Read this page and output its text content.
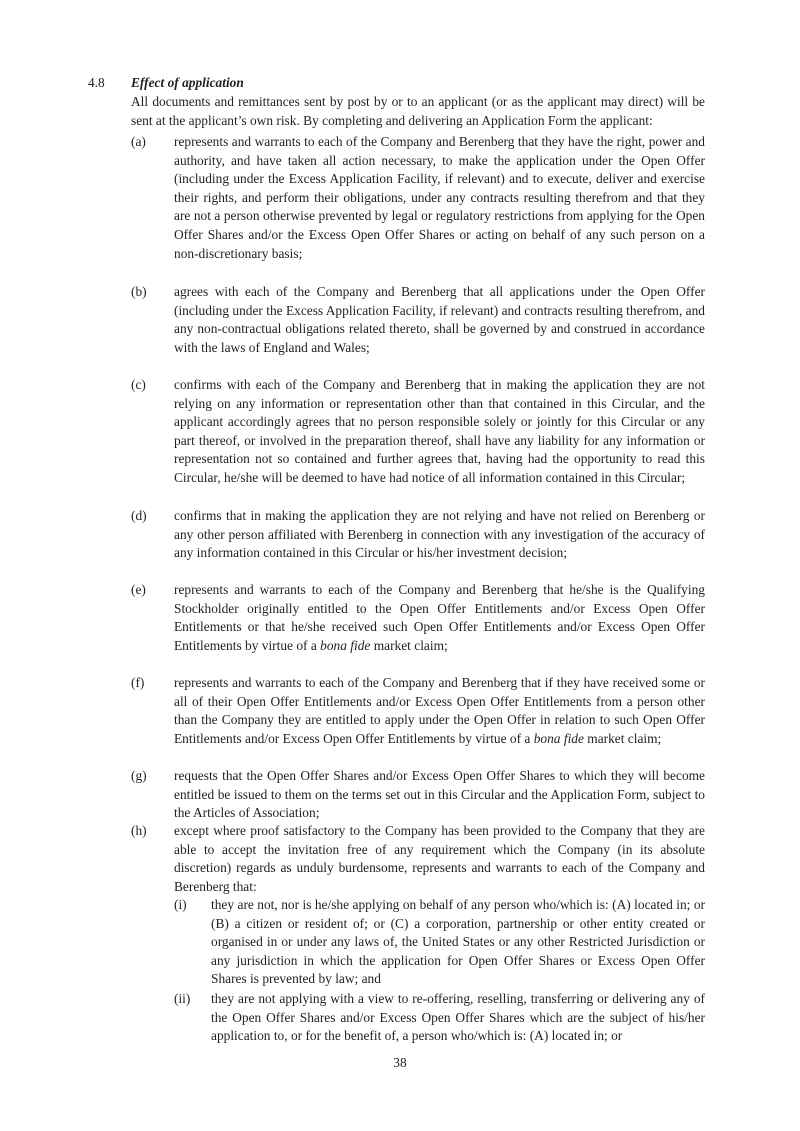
4.8 Effect of application
All documents and remittances sent by post by or to an applicant (or as the applicant may direct) will be sent at the applicant’s own risk. By completing and delivering an Application Form the applicant:
(a) represents and warrants to each of the Company and Berenberg that they have the right, power and authority, and have taken all action necessary, to make the application under the Open Offer (including under the Excess Application Facility, if relevant) and to execute, deliver and exercise their rights, and perform their obligations, under any contracts resulting therefrom and that they are not a person otherwise prevented by legal or regulatory restrictions from applying for the Open Offer Shares and/or the Excess Open Offer Shares or acting on behalf of any such person on a non-discretionary basis;
(b) agrees with each of the Company and Berenberg that all applications under the Open Offer (including under the Excess Application Facility, if relevant) and contracts resulting therefrom, and any non-contractual obligations related thereto, shall be governed by and construed in accordance with the laws of England and Wales;
(c) confirms with each of the Company and Berenberg that in making the application they are not relying on any information or representation other than that contained in this Circular, and the applicant accordingly agrees that no person responsible solely or jointly for this Circular or any part thereof, or involved in the preparation thereof, shall have any liability for any information or representation not so contained and further agrees that, having had the opportunity to read this Circular, he/she will be deemed to have had notice of all information contained in this Circular;
(d) confirms that in making the application they are not relying and have not relied on Berenberg or any other person affiliated with Berenberg in connection with any investigation of the accuracy of any information contained in this Circular or his/her investment decision;
(e) represents and warrants to each of the Company and Berenberg that he/she is the Qualifying Stockholder originally entitled to the Open Offer Entitlements and/or Excess Open Offer Entitlements or that he/she received such Open Offer Entitlements and/or Excess Open Offer Entitlements by virtue of a bona fide market claim;
(f) represents and warrants to each of the Company and Berenberg that if they have received some or all of their Open Offer Entitlements and/or Excess Open Offer Entitlements from a person other than the Company they are entitled to apply under the Open Offer in relation to such Open Offer Entitlements and/or Excess Open Offer Entitlements by virtue of a bona fide market claim;
(g) requests that the Open Offer Shares and/or Excess Open Offer Shares to which they will become entitled be issued to them on the terms set out in this Circular and the Application Form, subject to the Articles of Association;
(h) except where proof satisfactory to the Company has been provided to the Company that they are able to accept the invitation free of any requirement which the Company (in its absolute discretion) regards as unduly burdensome, represents and warrants to each of the Company and Berenberg that:
(i) they are not, nor is he/she applying on behalf of any person who/which is: (A) located in; or (B) a citizen or resident of; or (C) a corporation, partnership or other entity created or organised in or under any laws of, the United States or any other Restricted Jurisdiction or any jurisdiction in which the application for Open Offer Shares or Excess Open Offer Shares is prevented by law; and
(ii) they are not applying with a view to re-offering, reselling, transferring or delivering any of the Open Offer Shares and/or Excess Open Offer Shares which are the subject of his/her application to, or for the benefit of, a person who/which is: (A) located in; or
38
